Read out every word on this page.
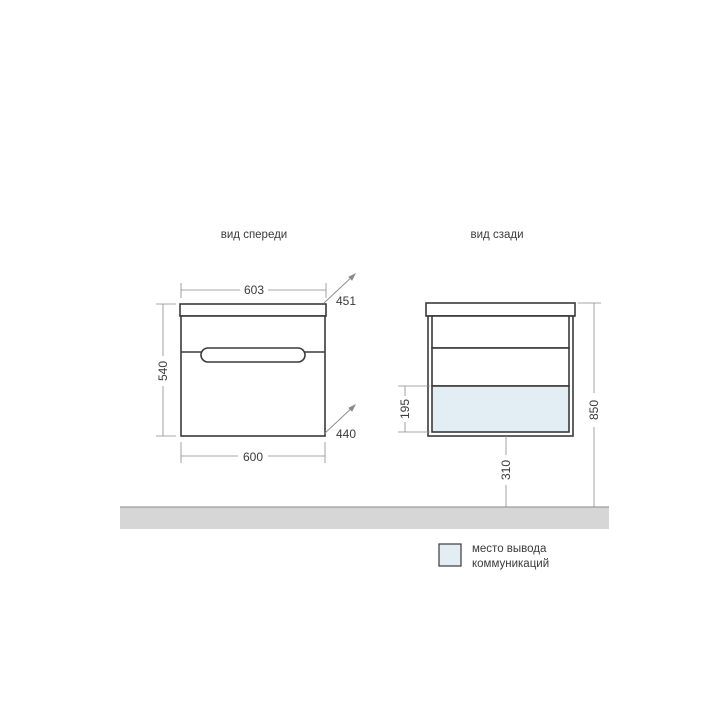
вид спереди
603
451
440
540
600
вид сзади
195	850
310
место вывода
коммуникаций
